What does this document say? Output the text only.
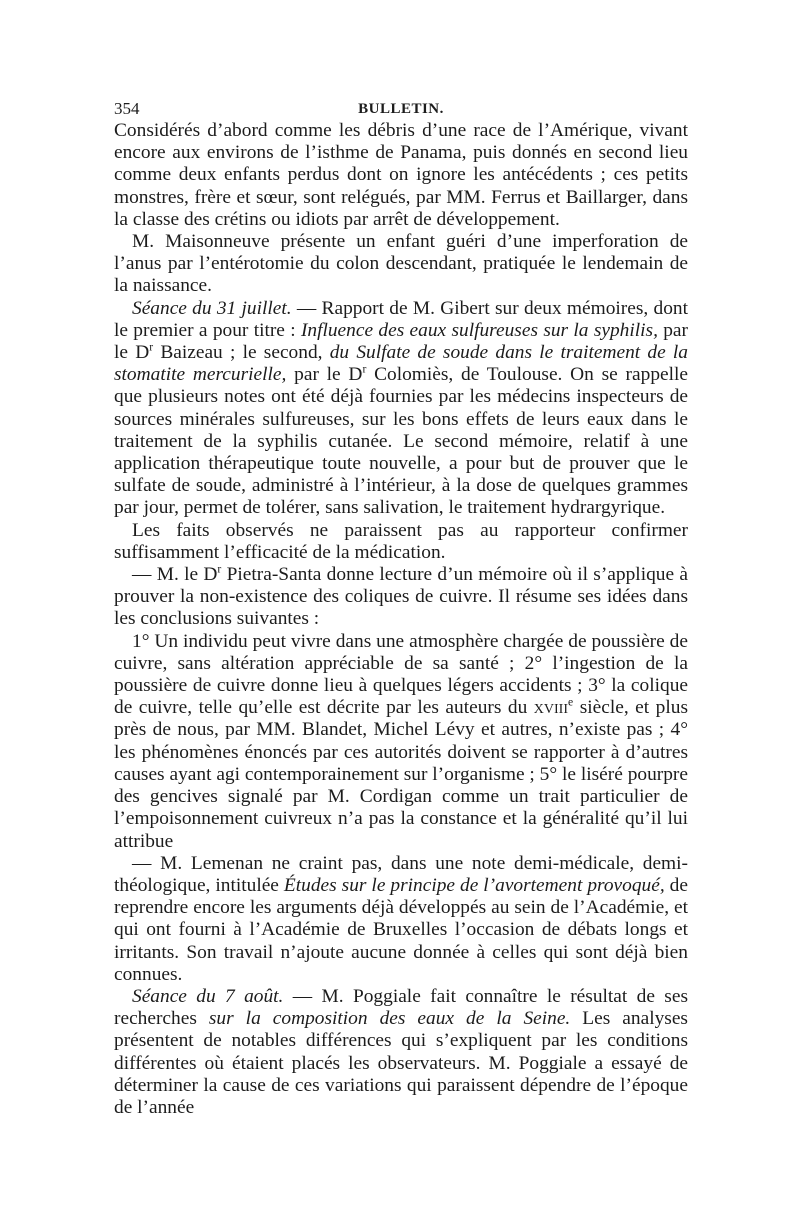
354	BULLETIN.

Considérés d’abord comme les débris d’une race de l’Amérique, vivant encore aux environs de l’isthme de Panama, puis donnés en second lieu comme deux enfants perdus dont on ignore les antécédents ; ces petits monstres, frère et sœur, sont relégués, par MM. Ferrus et Baillarger, dans la classe des crétins ou idiots par arrêt de développement.

M. Maisonneuve présente un enfant guéri d’une imperforation de l’anus par l’entérotomie du colon descendant, pratiquée le lendemain de la naissance.

Séance du 31 juillet. — Rapport de M. Gibert sur deux mémoires, dont le premier a pour titre : Influence des eaux sulfureuses sur la syphilis, par le $D^r$ Baizeau ; le second, du Sulfate de soude dans le traitement de la stomatite mercurielle, par le $D^r$ Colomiès, de Toulouse. On se rappelle que plusieurs notes ont été déjà fournies par les médecins inspecteurs de sources minérales sulfureuses, sur les bons effets de leurs eaux dans le traitement de la syphilis cutanée. Le second mémoire, relatif à une application thérapeutique toute nouvelle, a pour but de prouver que le sulfate de soude, administré à l’intérieur, à la dose de quelques grammes par jour, permet de tolérer, sans salivation, le traitement hydrargyrique.

Les faits observés ne paraissent pas au rapporteur confirmer suffisamment l’efficacité de la médication.

— M. le $D^r$ Pietra-Santa donne lecture d’un mémoire où il s’applique à prouver la non-existence des coliques de cuivre. Il résume ses idées dans les conclusions suivantes :

1° Un individu peut vivre dans une atmosphère chargée de poussière de cuivre, sans altération appréciable de sa santé ; 2° l’ingestion de la poussière de cuivre donne lieu à quelques légers accidents ; 3° la colique de cuivre, telle qu’elle est décrite par les auteurs du xviii$^e$ siècle, et plus près de nous, par MM. Blandet, Michel Lévy et autres, n’existe pas ; 4° les phénomènes énoncés par ces autorités doivent se rapporter à d’autres causes ayant agi contemporainement sur l’organisme ; 5° le liséré pourpre des gencives signalé par M. Cordigan comme un trait particulier de l’empoisonnement cuivreux n’a pas la constance et la généralité qu’il lui attribue

— M. Lemenan ne craint pas, dans une note demi-médicale, demi-théologique, intitulée Études sur le principe de l’avortement provoqué, de reprendre encore les arguments déjà développés au sein de l’Académie, et qui ont fourni à l’Académie de Bruxelles l’occasion de débats longs et irritants. Son travail n’ajoute aucune donnée à celles qui sont déjà bien connues.

Séance du 7 août. — M. Poggiale fait connaître le résultat de ses recherches sur la composition des eaux de la Seine. Les analyses présentent de notables différences qui s’expliquent par les conditions différentes où étaient placés les observateurs. M. Poggiale a essayé de déterminer la cause de ces variations qui paraissent dépendre de l’époque de l’année
